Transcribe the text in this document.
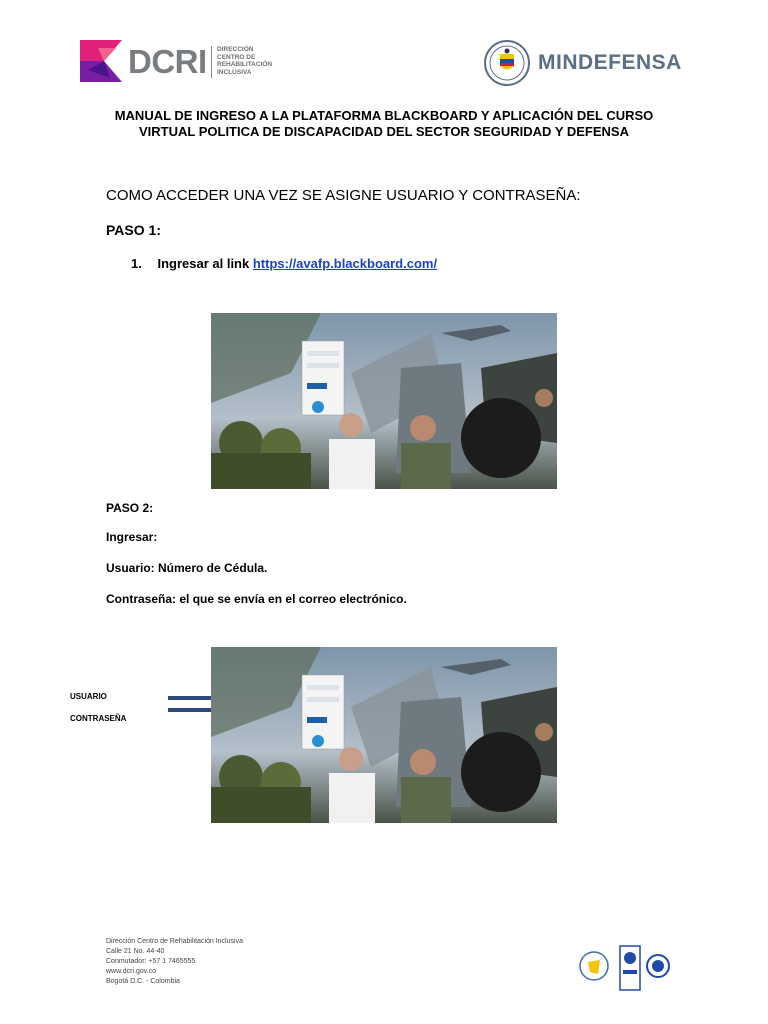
DCRI DIRECCIÓN
CENTRO DE
REHABILITACIÓN
INCLUSIVA	MINDEFENSA
MANUAL DE INGRESO A LA PLATAFORMA BLACKBOARD Y APLICACIÓN DEL CURSO VIRTUAL POLITICA DE DISCAPACIDAD DEL SECTOR SEGURIDAD Y DEFENSA
COMO ACCEDER UNA VEZ SE ASIGNE USUARIO Y CONTRASEÑA:
PASO 1:
1. Ingresar al link https://avafp.blackboard.com/
PASO 2:
Ingresar:
Usuario: Número de Cédula.
Contraseña: el que se envía en el correo electrónico.
USUARIO
CONTRASEÑA
Dirección Centro de Rehabilitación Inclusiva
Calle 21 No. 44-40
Conmutador: +57 1 7465555
www.dcri.gov.co
Bogotá D.C. - Colombia
